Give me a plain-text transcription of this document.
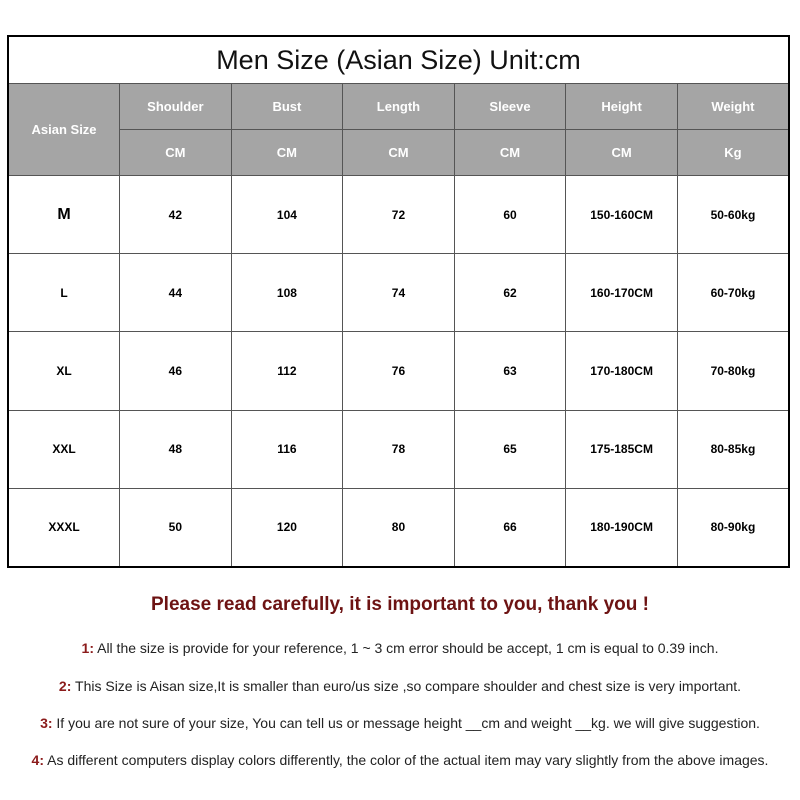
Men Size (Asian Size) Unit:cm						
Asian Size	Shoulder	Bust	Length	Sleeve	Height	Weight
	CM	CM	CM	CM	CM	Kg
M	42	104	72	60	150-160CM	50-60kg
L	44	108	74	62	160-170CM	60-70kg
XL	46	112	76	63	170-180CM	70-80kg
XXL	48	116	78	65	175-185CM	80-85kg
XXXL	50	120	80	66	180-190CM	80-90kg
Please read carefully, it is important to you, thank you !
1: All the size is provide for your reference, 1 ~ 3 cm error should be accept, 1 cm is equal to 0.39 inch.
2: This Size is Aisan size,It is smaller than euro/us size ,so compare shoulder and chest size is very important.
3: If you are not sure of your size, You can tell us or message height __cm and weight __kg. we will give suggestion.
4: As different computers display colors differently, the color of the actual item may vary slightly from the above images.
